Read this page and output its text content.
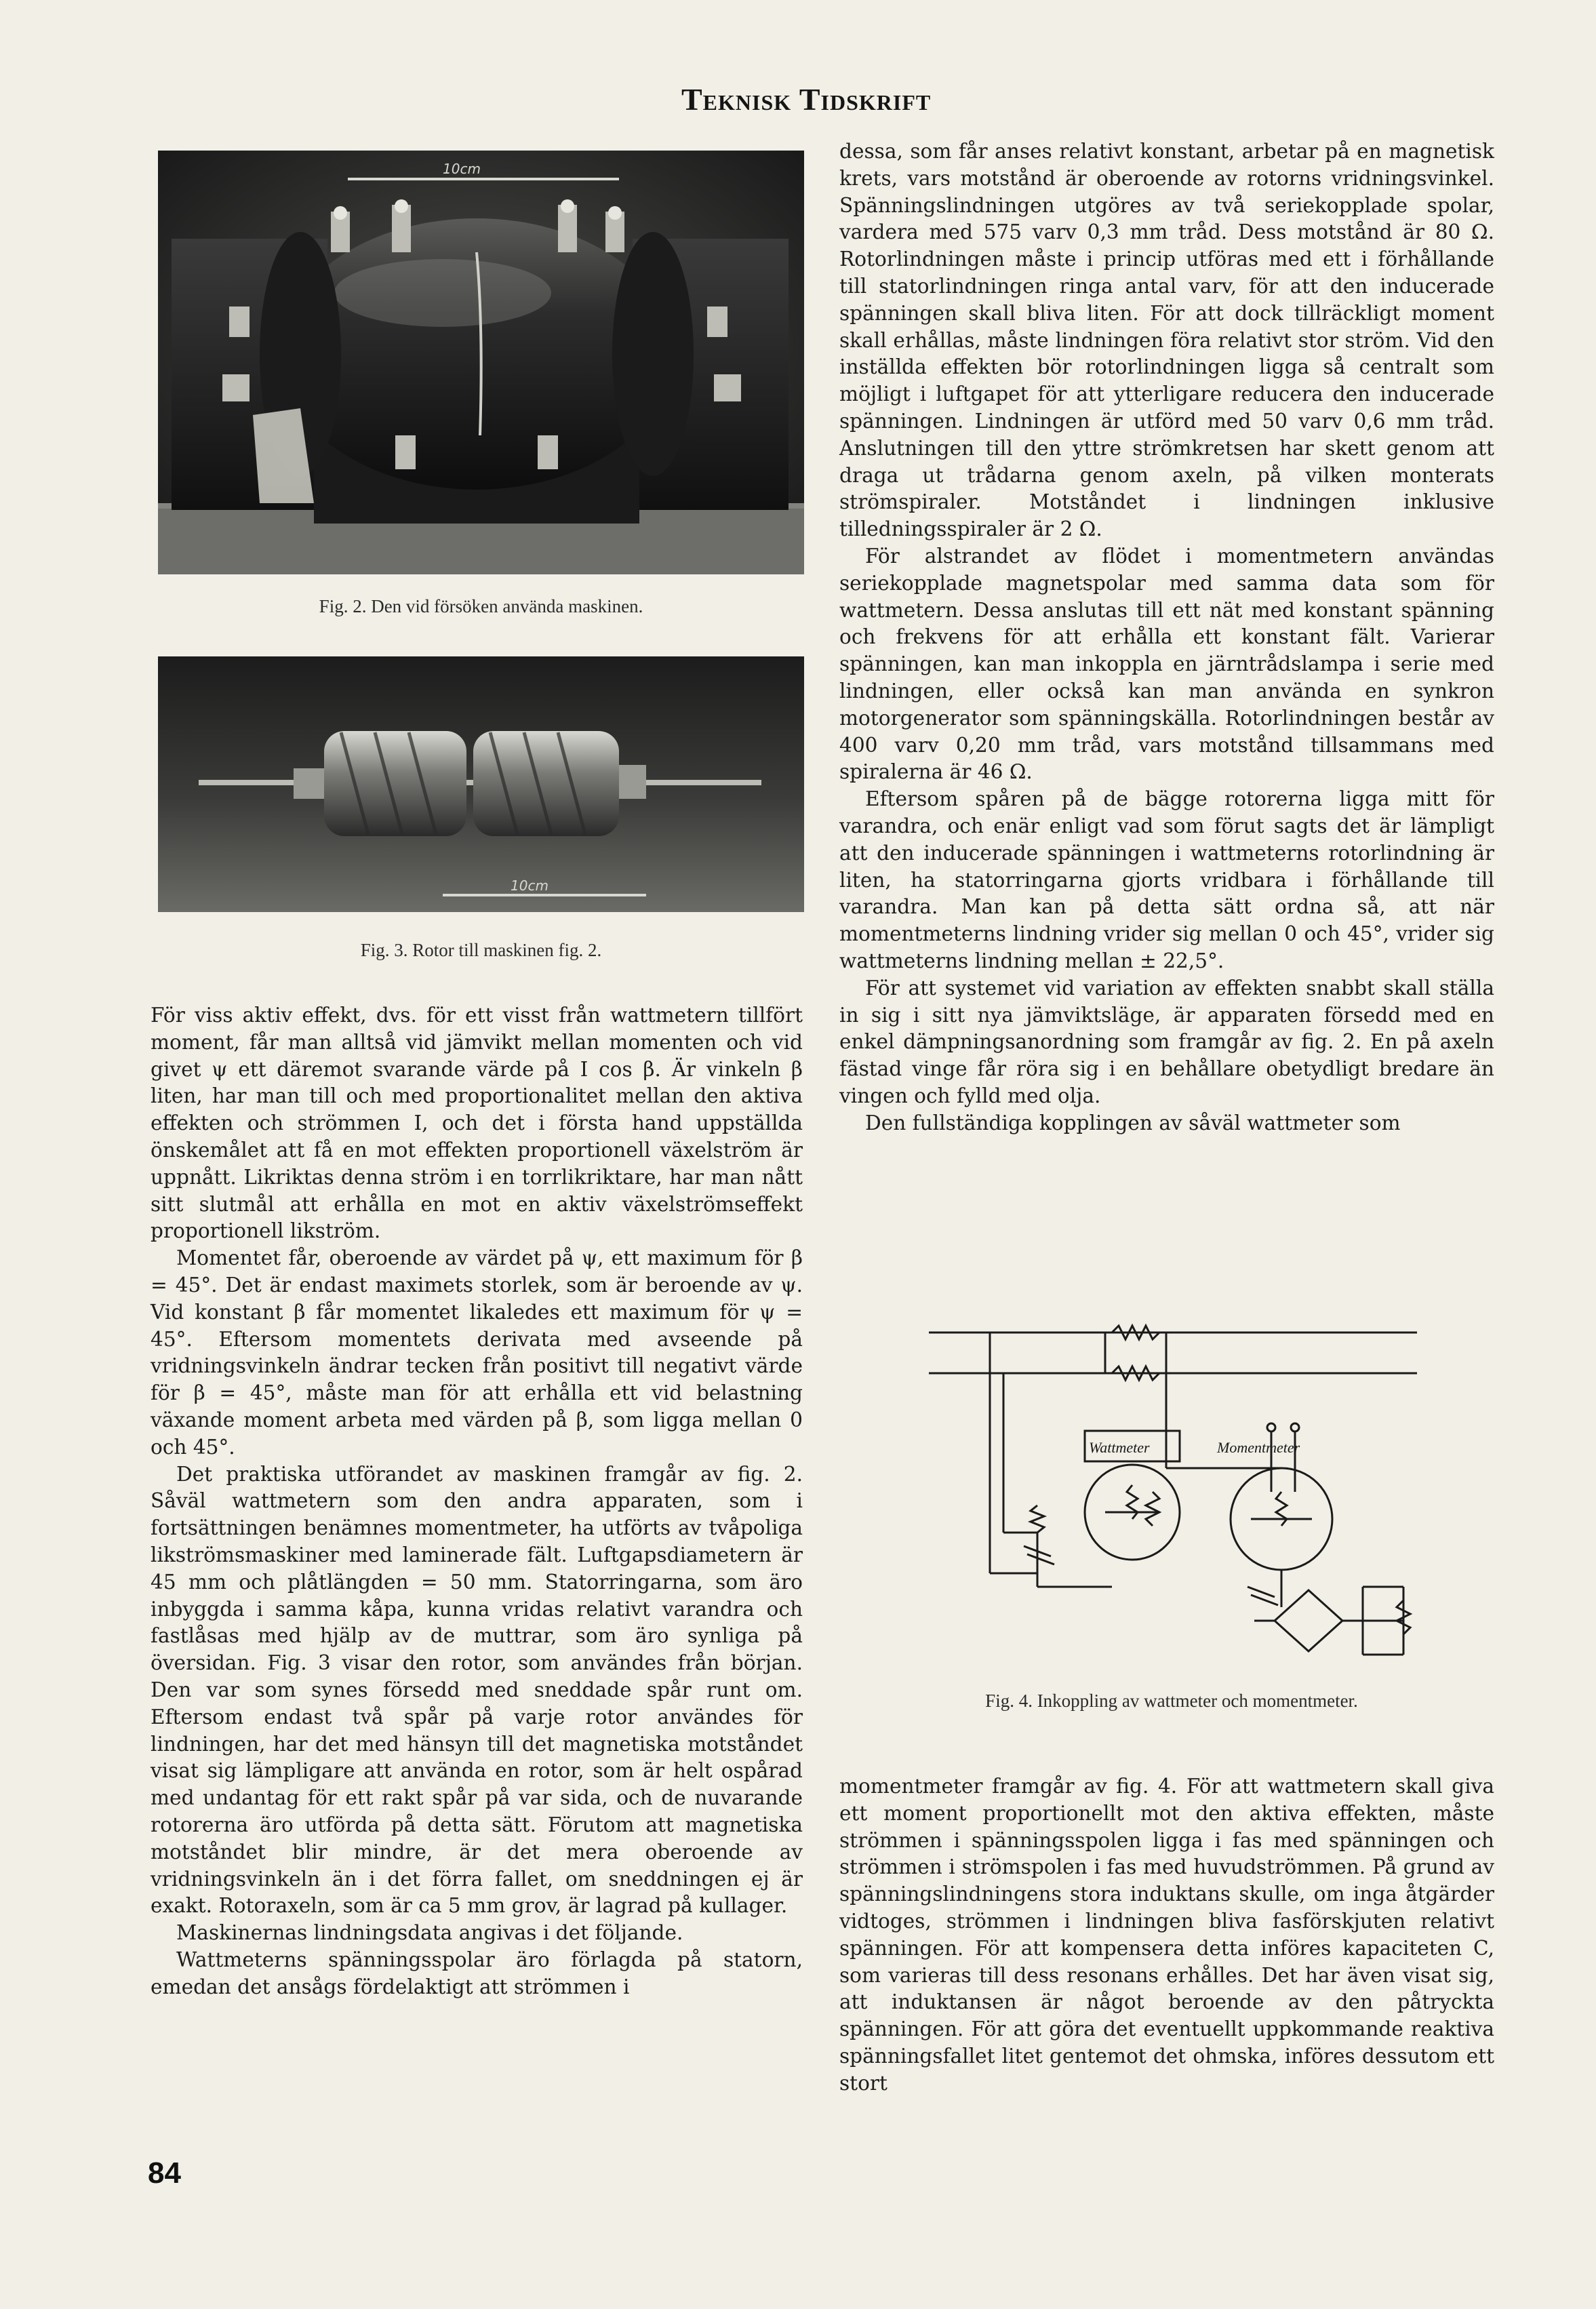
Teknisk Tidskrift
10cm
Fig. 2. Den vid försöken använda maskinen.
10cm
Fig. 3. Rotor till maskinen fig. 2.

För viss aktiv effekt, dvs. för ett visst från wattmetern tillfört moment, får man alltså vid jämvikt mellan momenten och vid givet ψ ett däremot svarande värde på I cos β. Är vinkeln β liten, har man till och med proportionalitet mellan den aktiva effekten och strömmen I, och det i första hand uppställda önskemålet att få en mot effekten proportionell växelström är uppnått. Likriktas denna ström i en torrlikriktare, har man nått sitt slutmål att erhålla en mot en aktiv växelströmseffekt proportionell likström.

Momentet får, oberoende av värdet på ψ, ett maximum för β = 45°. Det är endast maximets storlek, som är beroende av ψ. Vid konstant β får momentet likaledes ett maximum för ψ = 45°. Eftersom momentets derivata med avseende på vridningsvinkeln ändrar tecken från positivt till negativt värde för β = 45°, måste man för att erhålla ett vid belastning växande moment arbeta med värden på β, som ligga mellan 0 och 45°.

Det praktiska utförandet av maskinen framgår av fig. 2. Såväl wattmetern som den andra apparaten, som i fortsättningen benämnes momentmeter, ha utförts av tvåpoliga likströmsmaskiner med laminerade fält. Luftgapsdiametern är 45 mm och plåtlängden = 50 mm. Statorringarna, som äro inbyggda i samma kåpa, kunna vridas relativt varandra och fastlåsas med hjälp av de muttrar, som äro synliga på översidan. Fig. 3 visar den rotor, som användes från början. Den var som synes försedd med sneddade spår runt om. Eftersom endast två spår på varje rotor användes för lindningen, har det med hänsyn till det magnetiska motståndet visat sig lämpligare att använda en rotor, som är helt ospårad med undantag för ett rakt spår på var sida, och de nuvarande rotorerna äro utförda på detta sätt. Förutom att magnetiska motståndet blir mindre, är det mera oberoende av vridningsvinkeln än i det förra fallet, om sneddningen ej är exakt. Rotoraxeln, som är ca 5 mm grov, är lagrad på kullager.

Maskinernas lindningsdata angivas i det följande.

Wattmeterns spänningsspolar äro förlagda på statorn, emedan det ansågs fördelaktigt att strömmen i

dessa, som får anses relativt konstant, arbetar på en magnetisk krets, vars motstånd är oberoende av rotorns vridningsvinkel. Spänningslindningen utgöres av två seriekopplade spolar, vardera med 575 varv 0,3 mm tråd. Dess motstånd är 80 Ω. Rotorlindningen måste i princip utföras med ett i förhållande till statorlindningen ringa antal varv, för att den inducerade spänningen skall bliva liten. För att dock tillräckligt moment skall erhållas, måste lindningen föra relativt stor ström. Vid den inställda effekten bör rotorlindningen ligga så centralt som möjligt i luftgapet för att ytterligare reducera den inducerade spänningen. Lindningen är utförd med 50 varv 0,6 mm tråd. Anslutningen till den yttre strömkretsen har skett genom att draga ut trådarna genom axeln, på vilken monterats strömspiraler. Motståndet i lindningen inklusive tilledningsspiraler är 2 Ω.

För alstrandet av flödet i momentmetern användas seriekopplade magnetspolar med samma data som för wattmetern. Dessa anslutas till ett nät med konstant spänning och frekvens för att erhålla ett konstant fält. Varierar spänningen, kan man inkoppla en järntrådslampa i serie med lindningen, eller också kan man använda en synkron motorgenerator som spänningskälla. Rotorlindningen består av 400 varv 0,20 mm tråd, vars motstånd tillsammans med spiralerna är 46 Ω.

Eftersom spåren på de bägge rotorerna ligga mitt för varandra, och enär enligt vad som förut sagts det är lämpligt att den inducerade spänningen i wattmeterns rotorlindning är liten, ha statorringarna gjorts vridbara i förhållande till varandra. Man kan på detta sätt ordna så, att när momentmeterns lindning vrider sig mellan 0 och 45°, vrider sig wattmeterns lindning mellan ± 22,5°.

För att systemet vid variation av effekten snabbt skall ställa in sig i sitt nya jämviktsläge, är apparaten försedd med en enkel dämpningsanordning som framgår av fig. 2. En på axeln fästad vinge får röra sig i en behållare obetydligt bredare än vingen och fylld med olja.

Den fullständiga kopplingen av såväl wattmeter som

Wattmeter	Momentmeter
Fig. 4. Inkoppling av wattmeter och momentmeter.

momentmeter framgår av fig. 4. För att wattmetern skall giva ett moment proportionellt mot den aktiva effekten, måste strömmen i spänningsspolen ligga i fas med spänningen och strömmen i strömspolen i fas med huvudströmmen. På grund av spänningslindningens stora induktans skulle, om inga åtgärder vidtoges, strömmen i lindningen bliva fasförskjuten relativt spänningen. För att kompensera detta införes kapaciteten C, som varieras till dess resonans erhålles. Det har även visat sig, att induktansen är något beroende av den påtryckta spänningen. För att göra det eventuellt uppkommande reaktiva spänningsfallet litet gentemot det ohmska, införes dessutom ett stort

84
